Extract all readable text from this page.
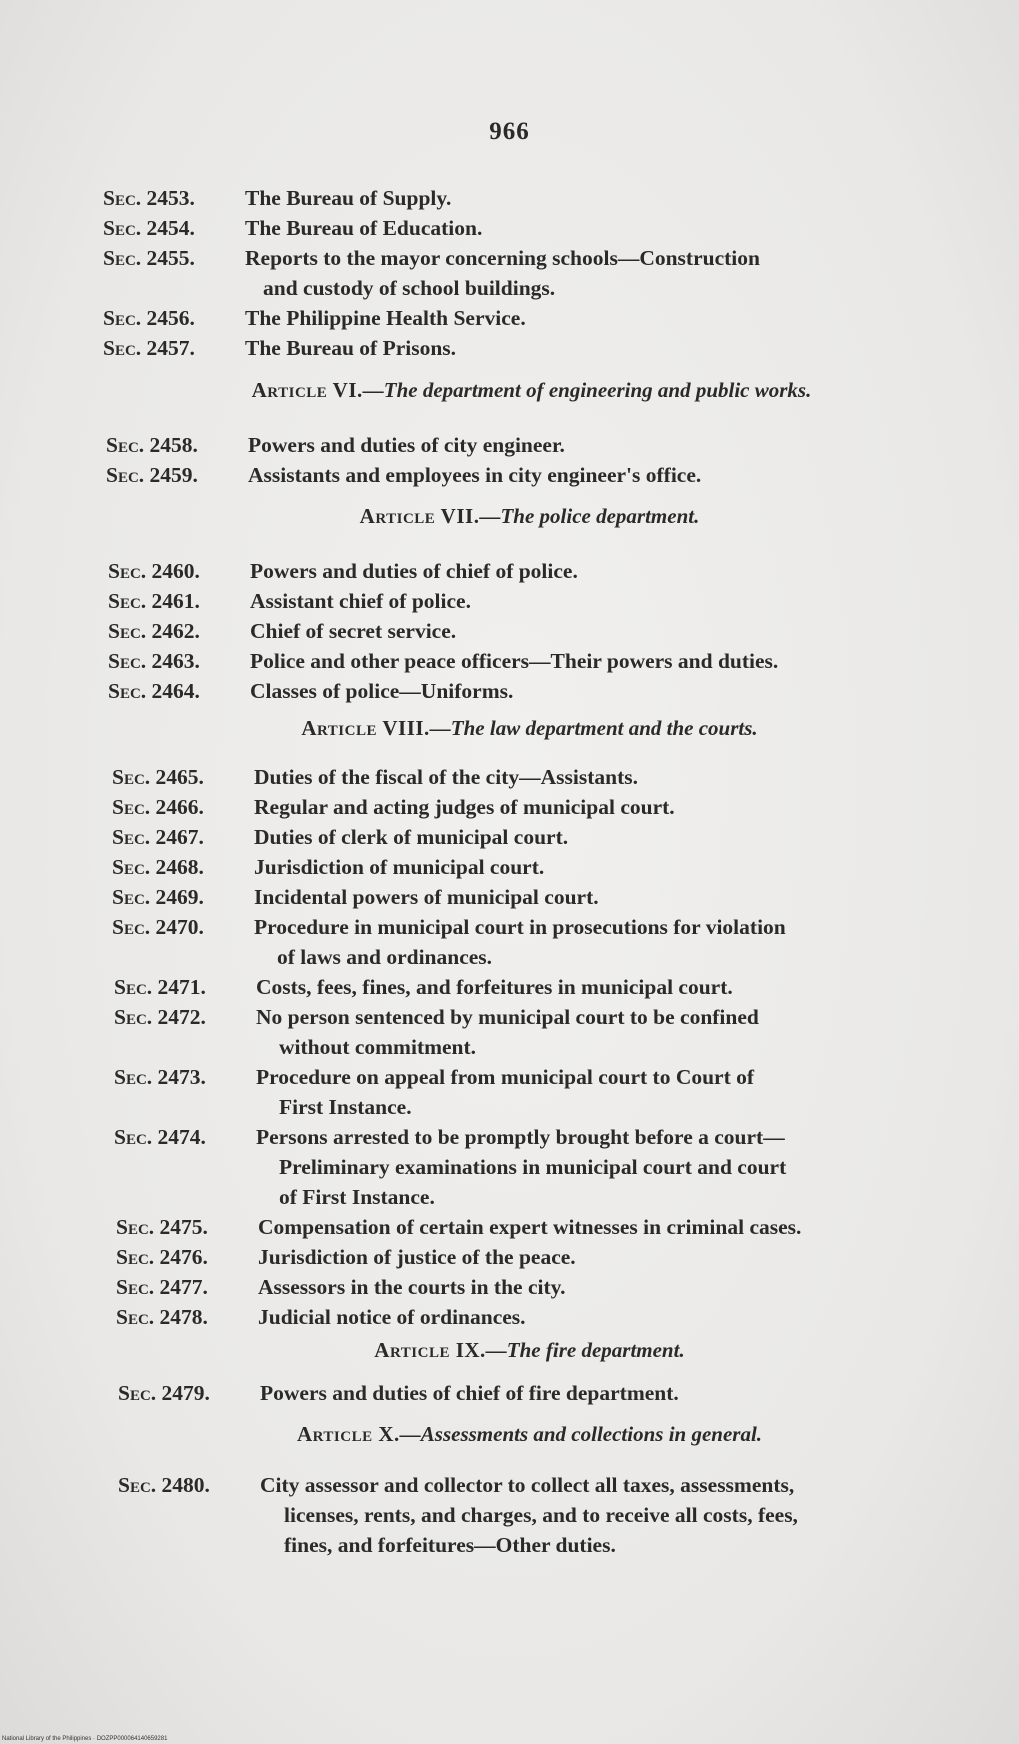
966
Sec. 2453. The Bureau of Supply.
Sec. 2454. The Bureau of Education.
Sec. 2455. Reports to the mayor concerning schools—Construction
and custody of school buildings.
Sec. 2456. The Philippine Health Service.
Sec. 2457. The Bureau of Prisons.
Article VI.—The department of engineering and public works.
Sec. 2458. Powers and duties of city engineer.
Sec. 2459. Assistants and employees in city engineer's office.
Article VII.—The police department.
Sec. 2460. Powers and duties of chief of police.
Sec. 2461. Assistant chief of police.
Sec. 2462. Chief of secret service.
Sec. 2463. Police and other peace officers—Their powers and duties.
Sec. 2464. Classes of police—Uniforms.
Article VIII.—The law department and the courts.
Sec. 2465. Duties of the fiscal of the city—Assistants.
Sec. 2466. Regular and acting judges of municipal court.
Sec. 2467. Duties of clerk of municipal court.
Sec. 2468. Jurisdiction of municipal court.
Sec. 2469. Incidental powers of municipal court.
Sec. 2470. Procedure in municipal court in prosecutions for violation
of laws and ordinances.
Sec. 2471. Costs, fees, fines, and forfeitures in municipal court.
Sec. 2472. No person sentenced by municipal court to be confined
without commitment.
Sec. 2473. Procedure on appeal from municipal court to Court of
First Instance.
Sec. 2474. Persons arrested to be promptly brought before a court—
Preliminary examinations in municipal court and court
of First Instance.
Sec. 2475. Compensation of certain expert witnesses in criminal cases.
Sec. 2476. Jurisdiction of justice of the peace.
Sec. 2477. Assessors in the courts in the city.
Sec. 2478. Judicial notice of ordinances.
Article IX.—The fire department.
Sec. 2479. Powers and duties of chief of fire department.
Article X.—Assessments and collections in general.
Sec. 2480. City assessor and collector to collect all taxes, assessments,
licenses, rents, and charges, and to receive all costs, fees,
fines, and forfeitures—Other duties.
National Library of the Philippines · DOZPP000064140659281
